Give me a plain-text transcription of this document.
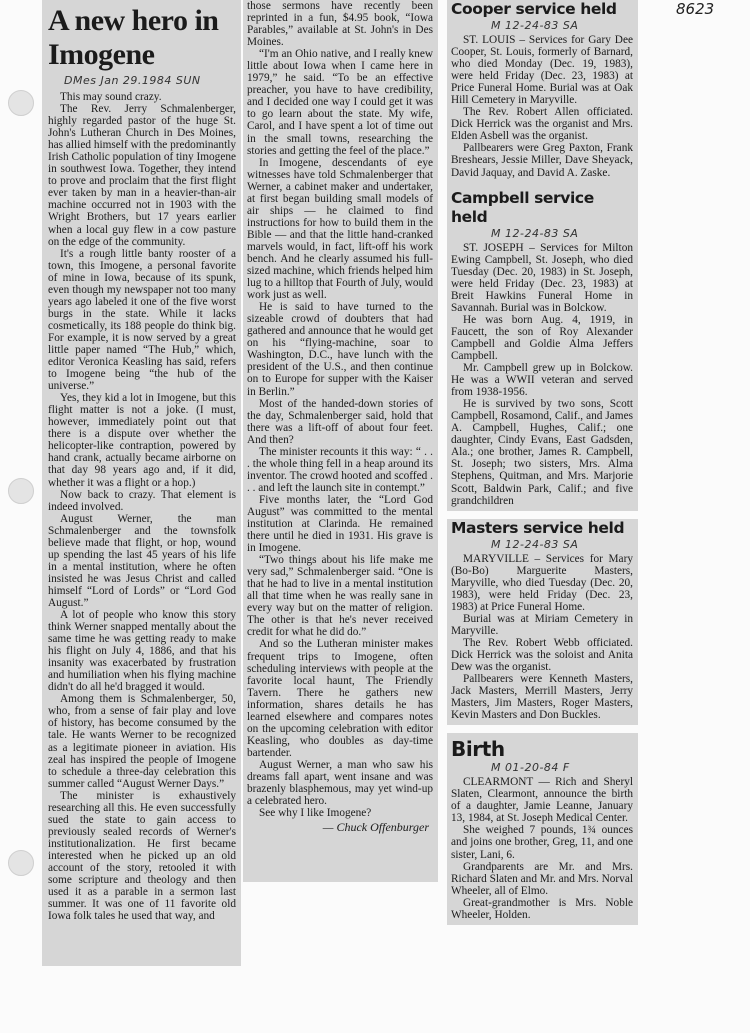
8623
A new hero in Imogene
DMes Jan 29.1984 SUN

This may sound crazy.

The Rev. Jerry Schmalenberger, highly regarded pastor of the huge St. John's Lutheran Church in Des Moines, has allied himself with the predominantly Irish Catholic population of tiny Imogene in southwest Iowa. Together, they intend to prove and proclaim that the first flight ever taken by man in a heavier-than-air machine occurred not in 1903 with the Wright Brothers, but 17 years earlier when a local guy flew in a cow pasture on the edge of the community.

It's a rough little banty rooster of a town, this Imogene, a personal favorite of mine in Iowa, because of its spunk, even though my newspaper not too many years ago labeled it one of the five worst burgs in the state. While it lacks cosmetically, its 188 people do think big. For example, it is now served by a great little paper named “The Hub,” which, editor Veronica Keasling has said, refers to Imogene being “the hub of the universe.”

Yes, they kid a lot in Imogene, but this flight matter is not a joke. (I must, however, immediately point out that there is a dispute over whether the helicopter-like contraption, powered by hand crank, actually became airborne on that day 98 years ago and, if it did, whether it was a flight or a hop.)

Now back to crazy. That element is indeed involved.

August Werner, the man Schmalenberger and the townsfolk believe made that flight, or hop, wound up spending the last 45 years of his life in a mental institution, where he often insisted he was Jesus Christ and called himself “Lord of Lords” or “Lord God August.”

A lot of people who know this story think Werner snapped mentally about the same time he was getting ready to make his flight on July 4, 1886, and that his insanity was exacerbated by frustration and humiliation when his flying machine didn't do all he'd bragged it would.

Among them is Schmalenberger, 50, who, from a sense of fair play and love of history, has become consumed by the tale. He wants Werner to be recognized as a legitimate pioneer in aviation. His zeal has inspired the people of Imogene to schedule a three-day celebration this summer called “August Werner Days.”

The minister is exhaustively researching all this. He even successfully sued the state to gain access to previously sealed records of Werner's institutionalization. He first became interested when he picked up an old account of the story, retooled it with some scripture and theology and then used it as a parable in a sermon last summer. It was one of 11 favorite old Iowa folk tales he used that way, and

those sermons have recently been reprinted in a fun, $4.95 book, “Iowa Parables,” available at St. John's in Des Moines.

“I'm an Ohio native, and I really knew little about Iowa when I came here in 1979,” he said. “To be an effective preacher, you have to have credibility, and I decided one way I could get it was to go learn about the state. My wife, Carol, and I have spent a lot of time out in the small towns, researching the stories and getting the feel of the place.”

In Imogene, descendants of eye witnesses have told Schmalenberger that Werner, a cabinet maker and undertaker, at first began building small models of air ships — he claimed to find instructions for how to build them in the Bible — and that the little hand-cranked marvels would, in fact, lift-off his work bench. And he clearly assumed his full-sized machine, which friends helped him lug to a hilltop that Fourth of July, would work just as well.

He is said to have turned to the sizeable crowd of doubters that had gathered and announce that he would get on his “flying-machine, soar to Washington, D.C., have lunch with the president of the U.S., and then continue on to Europe for supper with the Kaiser in Berlin.”

Most of the handed-down stories of the day, Schmalenberger said, hold that there was a lift-off of about four feet. And then?

The minister recounts it this way: “ . . . the whole thing fell in a heap around its inventor. The crowd hooted and scoffed . . . and left the launch site in contempt.”

Five months later, the “Lord God August” was committed to the mental institution at Clarinda. He remained there until he died in 1931. His grave is in Imogene.

“Two things about his life make me very sad,” Schmalenberger said. “One is that he had to live in a mental institution all that time when he was really sane in every way but on the matter of religion. The other is that he's never received credit for what he did do.”

And so the Lutheran minister makes frequent trips to Imogene, often scheduling interviews with people at the favorite local haunt, The Friendly Tavern. There he gathers new information, shares details he has learned elsewhere and compares notes on the upcoming celebration with editor Keasling, who doubles as day-time bartender.

August Werner, a man who saw his dreams fall apart, went insane and was brazenly blasphemous, may yet wind-up a celebrated hero.

See why I like Imogene?

— Chuck Offenburger
Cooper service held
M 12-24-83 SA

ST. LOUIS – Services for Gary Dee Cooper, St. Louis, formerly of Barnard, who died Monday (Dec. 19, 1983), were held Friday (Dec. 23, 1983) at Price Funeral Home. Burial was at Oak Hill Cemetery in Maryville.

The Rev. Robert Allen officiated. Dick Herrick was the organist and Mrs. Elden Asbell was the organist.

Pallbearers were Greg Paxton, Frank Breshears, Jessie Miller, Dave Sheyack, David Jaquay, and David A. Zaske.

Campbell service held
M 12-24-83 SA

ST. JOSEPH – Services for Milton Ewing Campbell, St. Joseph, who died Tuesday (Dec. 20, 1983) in St. Joseph, were held Friday (Dec. 23, 1983) at Breit Hawkins Funeral Home in Savannah. Burial was in Bolckow.

He was born Aug. 4, 1919, in Faucett, the son of Roy Alexander Campbell and Goldie Alma Jeffers Campbell.

Mr. Campbell grew up in Bolckow. He was a WWII veteran and served from 1938-1956.

He is survived by two sons, Scott Campbell, Rosamond, Calif., and James A. Campbell, Hughes, Calif.; one daughter, Cindy Evans, East Gadsden, Ala.; one brother, James R. Campbell, St. Joseph; two sisters, Mrs. Alma Stephens, Quitman, and Mrs. Marjorie Scott, Baldwin Park, Calif.; and five grandchildren

Masters service held
M 12-24-83 SA

MARYVILLE – Services for Mary (Bo-Bo) Marguerite Masters, Maryville, who died Tuesday (Dec. 20, 1983), were held Friday (Dec. 23, 1983) at Price Funeral Home.

Burial was at Miriam Cemetery in Maryville.

The Rev. Robert Webb officiated. Dick Herrick was the soloist and Anita Dew was the organist.

Pallbearers were Kenneth Masters, Jack Masters, Merrill Masters, Jerry Masters, Jim Masters, Roger Masters, Kevin Masters and Don Buckles.

Birth
M 01-20-84 F

CLEARMONT — Rich and Sheryl Slaten, Clearmont, announce the birth of a daughter, Jamie Leanne, January 13, 1984, at St. Joseph Medical Center.

She weighed 7 pounds, 1¾ ounces and joins one brother, Greg, 11, and one sister, Lani, 6.

Grandparents are Mr. and Mrs. Richard Slaten and Mr. and Mrs. Norval Wheeler, all of Elmo.

Great-grandmother is Mrs. Noble Wheeler, Holden.
